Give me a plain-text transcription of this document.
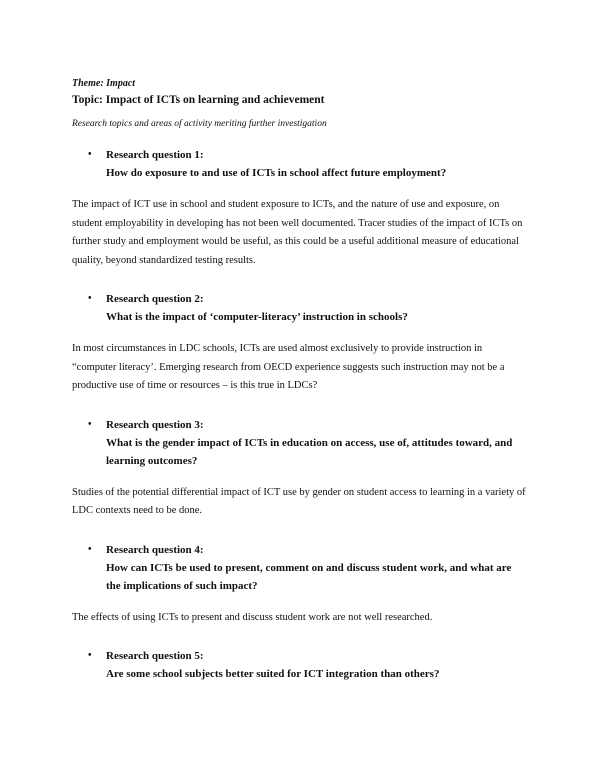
Theme: Impact

Topic: Impact of ICTs on learning and achievement

Research topics and areas of activity meriting further investigation

• Research question 1:
How do exposure to and use of ICTs in school affect future employment?

The impact of ICT use in school and student exposure to ICTs, and the nature of use and exposure, on student employability in developing has not been well documented. Tracer studies of the impact of ICTs on further study and employment would be useful, as this could be a useful additional measure of educational quality, beyond standardized testing results.

• Research question 2:
What is the impact of ‘computer-literacy’ instruction in schools?

In most circumstances in LDC schools, ICTs are used almost exclusively to provide instruction in “computer literacy’. Emerging research from OECD experience suggests such instruction may not be a productive use of time or resources – is this true in LDCs?

• Research question 3:
What is the gender impact of ICTs in education on access, use of, attitudes toward, and learning outcomes?

Studies of the potential differential impact of ICT use by gender on student access to learning in a variety of LDC contexts need to be done.

• Research question 4:
How can ICTs be used to present, comment on and discuss student work, and what are the implications of such impact?

The effects of using ICTs to present and discuss student work are not well researched.

• Research question 5:
Are some school subjects better suited for ICT integration than others?
